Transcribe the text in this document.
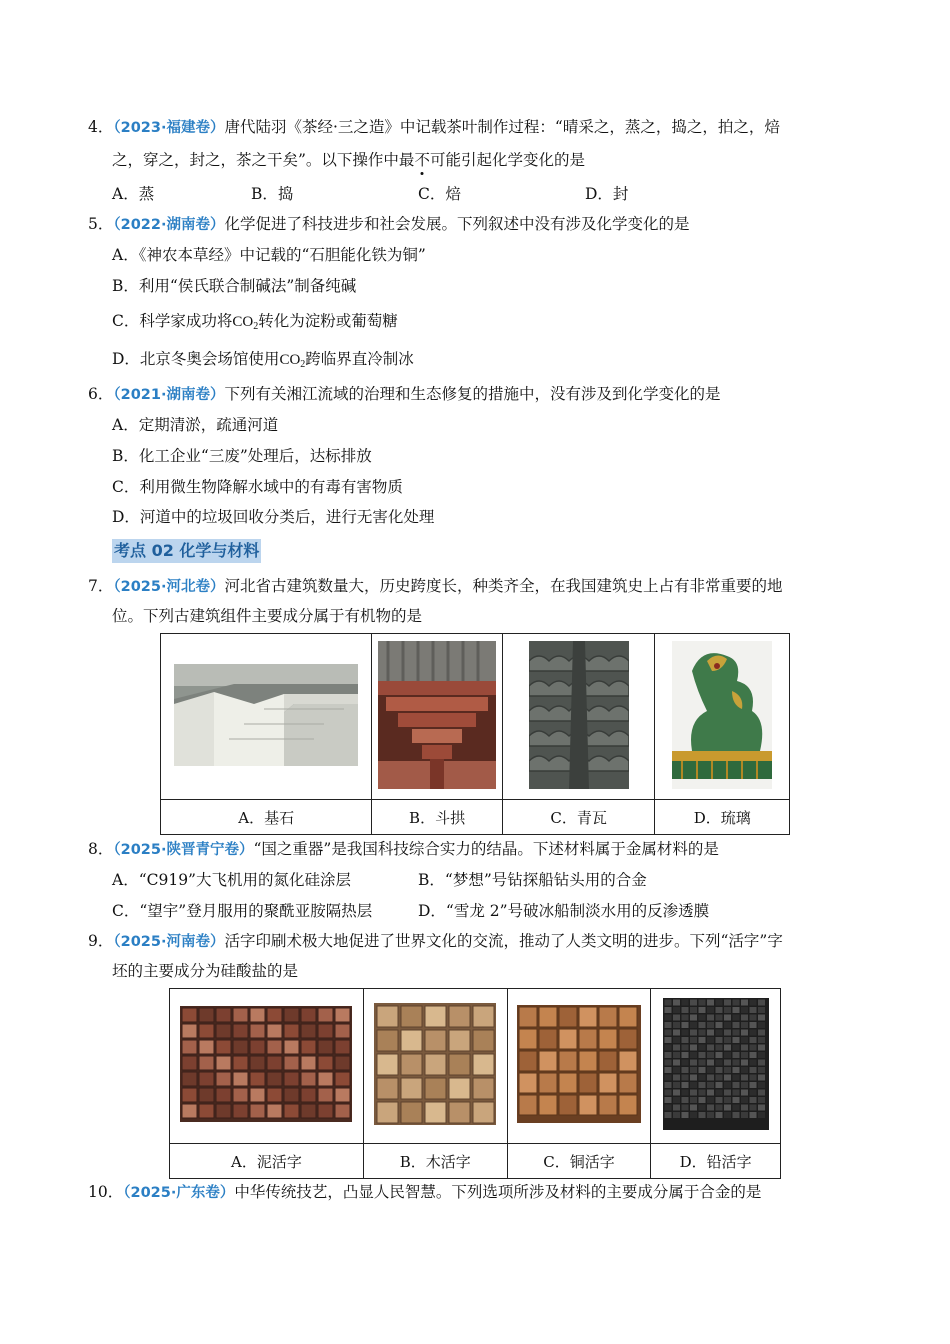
4．（2023·福建卷）唐代陆羽《茶经·三之造》中记载茶叶制作过程：“晴采之，蒸之，捣之，拍之，焙
之，穿之，封之，茶之干矣”。以下操作中最不可能引起化学变化的是
A．蒸	B．捣	C．焙	D．封
5．（2022·湖南卷）化学促进了科技进步和社会发展。下列叙述中没有涉及化学变化的是
A．《神农本草经》中记载的“石胆能化铁为铜”
B．利用“侯氏联合制碱法”制备纯碱
C．科学家成功将$CO_2$转化为淀粉或葡萄糖
D．北京冬奥会场馆使用$CO_2$跨临界直冷制冰
6．（2021·湖南卷）下列有关湘江流域的治理和生态修复的措施中，没有涉及到化学变化的是
A．定期清淤，疏通河道
B．化工企业“三废”处理后，达标排放
C．利用微生物降解水域中的有毒有害物质
D．河道中的垃圾回收分类后，进行无害化处理
考点 02 化学与材料
7．（2025·河北卷）河北省古建筑数量大，历史跨度长，种类齐全，在我国建筑史上占有非常重要的地
位。下列古建筑组件主要成分属于有机物的是

A．基石	B．斗拱	C．青瓦	D．琉璃
8．（2025·陕晋青宁卷）“国之重器”是我国科技综合实力的结晶。下述材料属于金属材料的是
A．“C919”大飞机用的氮化硅涂层	B．“梦想”号钻探船钻头用的合金
C．“望宇”登月服用的聚酰亚胺隔热层	D．“雪龙 2”号破冰船制淡水用的反渗透膜
9．（2025·河南卷）活字印刷术极大地促进了世界文化的交流，推动了人类文明的进步。下列“活字”字
坯的主要成分为硅酸盐的是

A．泥活字	B．木活字	C．铜活字	D．铅活字
10．（2025·广东卷）中华传统技艺，凸显人民智慧。下列选项所涉及材料的主要成分属于合金的是
